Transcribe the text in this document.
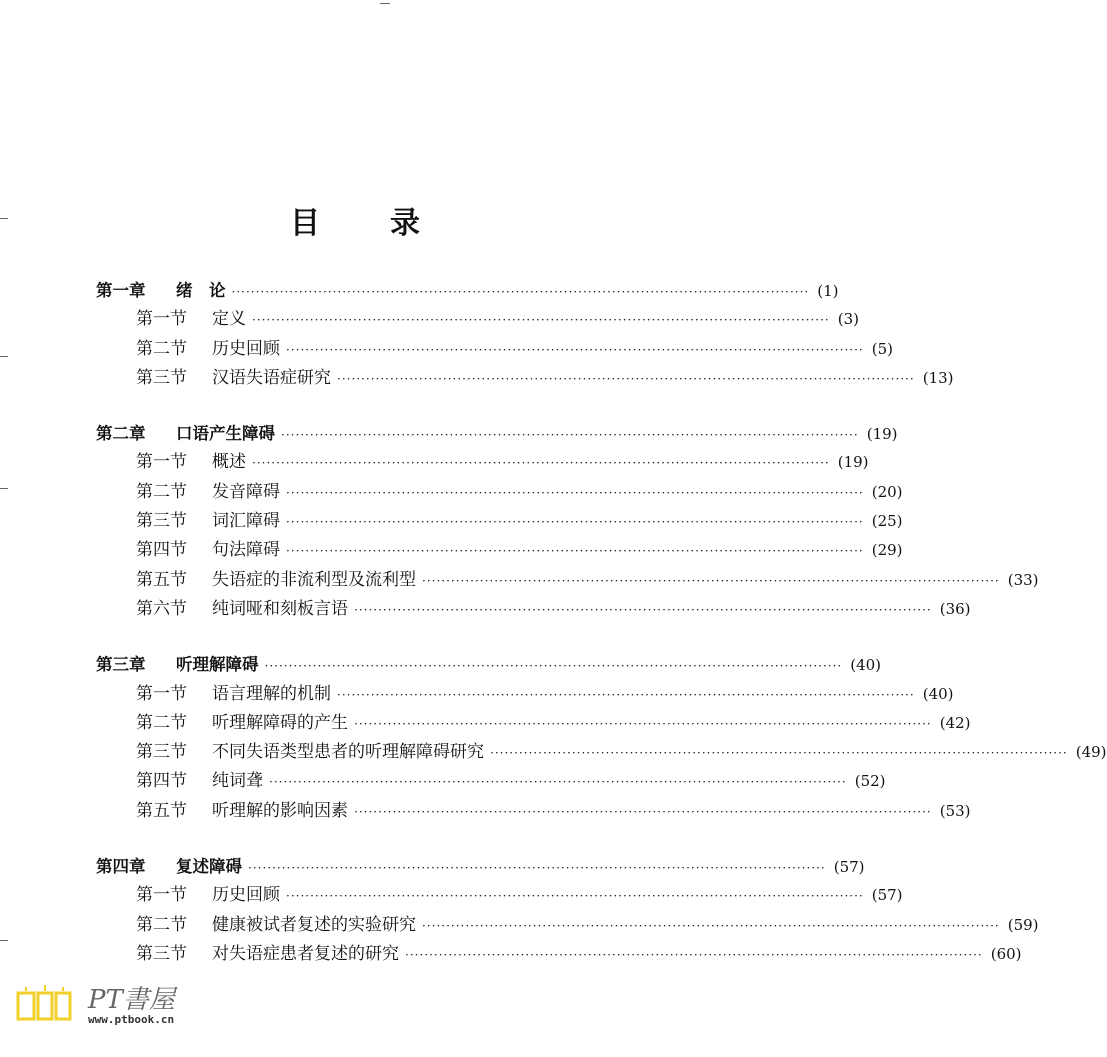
目 录
第一章	绪　论 ························································································································ (1)
第一节	定义 ························································································································ (3)
第二节	历史回顾 ························································································································ (5)
第三节	汉语失语症研究 ························································································································ (13)
第二章	口语产生障碍 ························································································································ (19)
第一节	概述 ························································································································ (19)
第二节	发音障碍 ························································································································ (20)
第三节	词汇障碍 ························································································································ (25)
第四节	句法障碍 ························································································································ (29)
第五节	失语症的非流利型及流利型 ························································································································ (33)
第六节	纯词哑和刻板言语 ························································································································ (36)
第三章	听理解障碍 ························································································································ (40)
第一节	语言理解的机制 ························································································································ (40)
第二节	听理解障碍的产生 ························································································································ (42)
第三节	不同失语类型患者的听理解障碍研究 ························································································································ (49)
第四节	纯词聋 ························································································································ (52)
第五节	听理解的影响因素 ························································································································ (53)
第四章	复述障碍 ························································································································ (57)
第一节	历史回顾 ························································································································ (57)
第二节	健康被试者复述的实验研究 ························································································································ (59)
第三节	对失语症患者复述的研究 ························································································································ (60)
PT書屋
www.ptbook.cn
